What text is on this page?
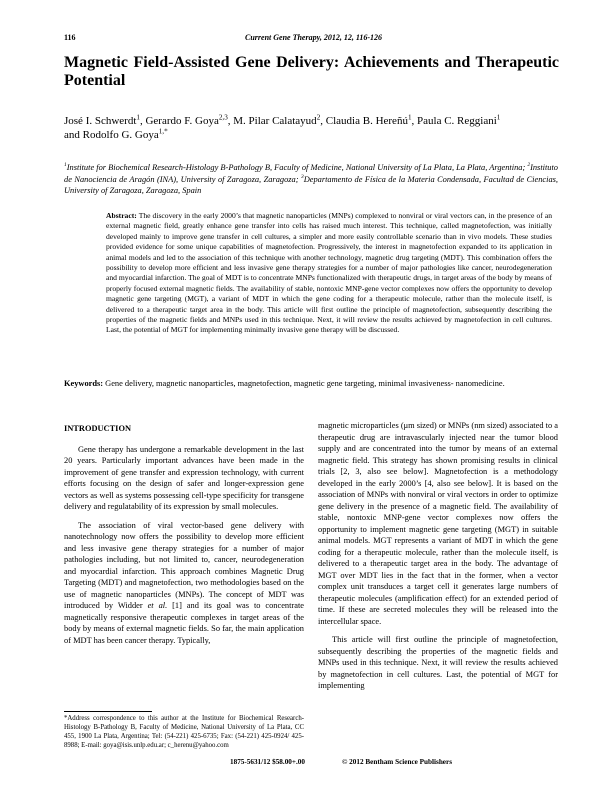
116	Current Gene Therapy, 2012, 12, 116-126
Magnetic Field-Assisted Gene Delivery: Achievements and Therapeutic Potential
José I. Schwerdt$^1$, Gerardo F. Goya$^{2,3}$, M. Pilar Calatayud$^2$, Claudia B. Hereñú$^1$, Paula C. Reggiani$^1$
and Rodolfo G. Goya$^{1,*}$
$^1$Institute for Biochemical Research-Histology B-Pathology B, Faculty of Medicine, National University of La Plata, La Plata, Argentina; $^2$Instituto de Nanociencia de Aragón (INA), University of Zaragoza, Zaragoza; $^3$Departamento de Física de la Materia Condensada, Facultad de Ciencias, University of Zaragoza, Zaragoza, Spain
Abstract: The discovery in the early 2000’s that magnetic nanoparticles (MNPs) complexed to nonviral or viral vectors can, in the presence of an external magnetic field, greatly enhance gene transfer into cells has raised much interest. This technique, called magnetofection, was initially developed mainly to improve gene transfer in cell cultures, a simpler and more easily controllable scenario than in vivo models. These studies provided evidence for some unique capabilities of magnetofection. Progressively, the interest in magnetofection expanded to its application in animal models and led to the association of this technique with another technology, magnetic drug targeting (MDT). This combination offers the possibility to develop more efficient and less invasive gene therapy strategies for a number of major pathologies like cancer, neurodegeneration and myocardial infarction. The goal of MDT is to concentrate MNPs functionalized with therapeutic drugs, in target areas of the body by means of properly focused external magnetic fields. The availability of stable, nontoxic MNP-gene vector complexes now offers the opportunity to develop magnetic gene targeting (MGT), a variant of MDT in which the gene coding for a therapeutic molecule, rather than the molecule itself, is delivered to a therapeutic target area in the body. This article will first outline the principle of magnetofection, subsequently describing the properties of the magnetic fields and MNPs used in this technique. Next, it will review the results achieved by magnetofection in cell cultures. Last, the potential of MGT for implementing minimally invasive gene therapy will be discussed.
Keywords: Gene delivery, magnetic nanoparticles, magnetofection, magnetic gene targeting, minimal invasiveness- nanomedicine.
INTRODUCTION

Gene therapy has undergone a remarkable development in the last 20 years. Particularly important advances have been made in the improvement of gene transfer and expression technology, with current efforts focusing on the design of safer and longer-expression gene vectors as well as systems possessing cell-type specificity for transgene delivery and regulatability of its expression by small molecules.

The association of viral vector-based gene delivery with nanotechnology now offers the possibility to develop more efficient and less invasive gene therapy strategies for a number of major pathologies including, but not limited to, cancer, neurodegeneration and myocardial infarction. This approach combines Magnetic Drug Targeting (MDT) and magnetofection, two methodologies based on the use of magnetic nanoparticles (MNPs). The concept of MDT was introduced by Widder et al. [1] and its goal was to concentrate magnetically responsive therapeutic complexes in target areas of the body by means of external magnetic fields. So far, the main application of MDT has been cancer therapy. Typically,

magnetic microparticles (μm sized) or MNPs (nm sized) associated to a therapeutic drug are intravascularly injected near the tumor blood supply and are concentrated into the tumor by means of an external magnetic field. This strategy has shown promising results in clinical trials [2, 3, also see below]. Magnetofection is a methodology developed in the early 2000’s [4, also see below]. It is based on the association of MNPs with nonviral or viral vectors in order to optimize gene delivery in the presence of a magnetic field. The availability of stable, nontoxic MNP-gene vector complexes now offers the opportunity to implement magnetic gene targeting (MGT) in suitable animal models. MGT represents a variant of MDT in which the gene coding for a therapeutic molecule, rather than the molecule itself, is delivered to a therapeutic target area in the body. The advantage of MGT over MDT lies in the fact that in the former, when a vector complex unit transduces a target cell it generates large numbers of therapeutic molecules (amplification effect) for an extended period of time. If these are secreted molecules they will be released into the intercellular space.

This article will first outline the principle of magnetofection, subsequently describing the properties of the magnetic fields and MNPs used in this technique. Next, it will review the results achieved by magnetofection in cell cultures. Last, the potential of MGT for implementing

*Address correspondence to this author at the Institute for Biochemical Research-Histology B-Pathology B, Faculty of Medicine, National University of La Plata, CC 455, 1900 La Plata, Argentina; Tel: (54-221) 425-6735; Fax: (54-221) 425-0924/ 425-8988; E-mail: goya@isis.unlp.edu.ar; c_herenu@yahoo.com
1875-5631/12 $58.00+.00	© 2012 Bentham Science Publishers
